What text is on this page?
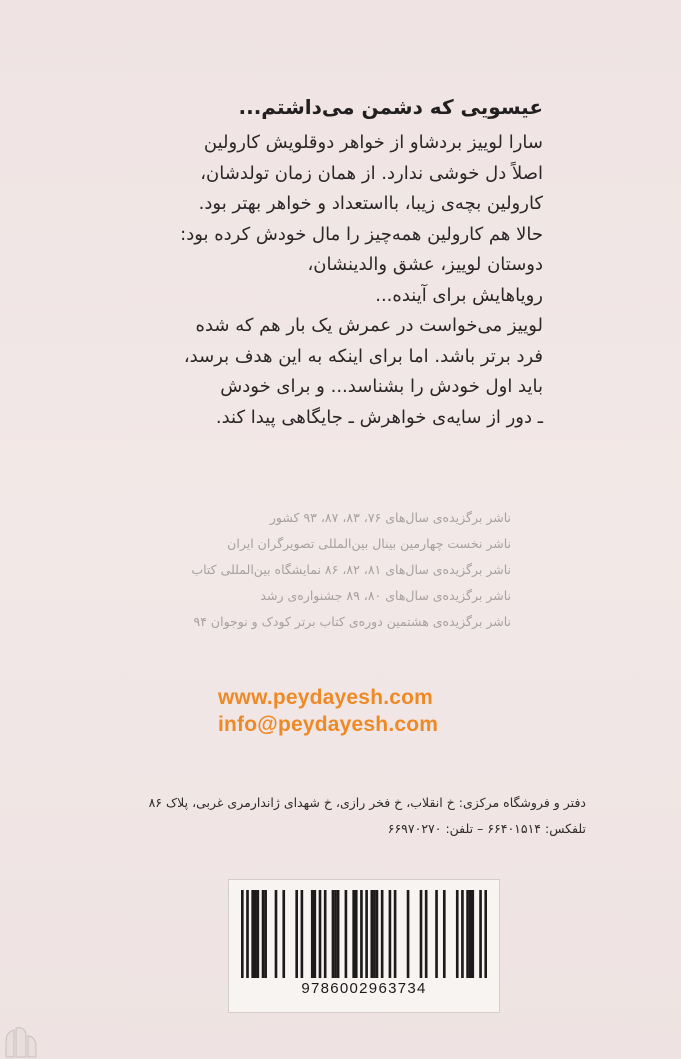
عیسویی که دشمن می‌داشتم...
سارا لوییز بردشاو از خواهر دوقلویش کارولین
اصلاً دل خوشی ندارد. از همان زمان تولدشان،
کارولین بچه‌ی زیبا، بااستعداد و خواهر بهتر بود.
حالا هم کارولین همه‌چیز را مال خودش کرده بود:
دوستان لوییز، عشق والدینشان،
رویاهایش برای آینده...
لوییز می‌خواست در عمرش یک بار هم که شده
فرد برتر باشد. اما برای اینکه به این هدف برسد،
باید اول خودش را بشناسد... و برای خودش
ـ دور از سایه‌ی خواهرش ـ جایگاهی پیدا کند.
ناشر برگزیده‌ی سال‌های ۷۶، ۸۳، ۸۷، ۹۳ کشور
ناشر نخست چهارمین بینال بین‌المللی تصویرگران ایران
ناشر برگزیده‌ی سال‌های ۸۱، ۸۲، ۸۶ نمایشگاه بین‌المللی کتاب
ناشر برگزیده‌ی سال‌های ۸۰، ۸۹ جشنواره‌ی رشد
ناشر برگزیده‌ی هشتمین دوره‌ی کتاب برتر کودک و نوجوان ۹۴
www.peydayesh.com
info@peydayesh.com
دفتر و فروشگاه مرکزی: خ انقلاب، خ فخر رازی، خ شهدای ژاندارمری غربی، پلاک ۸۶
تلفکس: ۶۶۴۰۱۵۱۴ – تلفن: ۶۶۹۷۰۲۷۰
9786002963734
